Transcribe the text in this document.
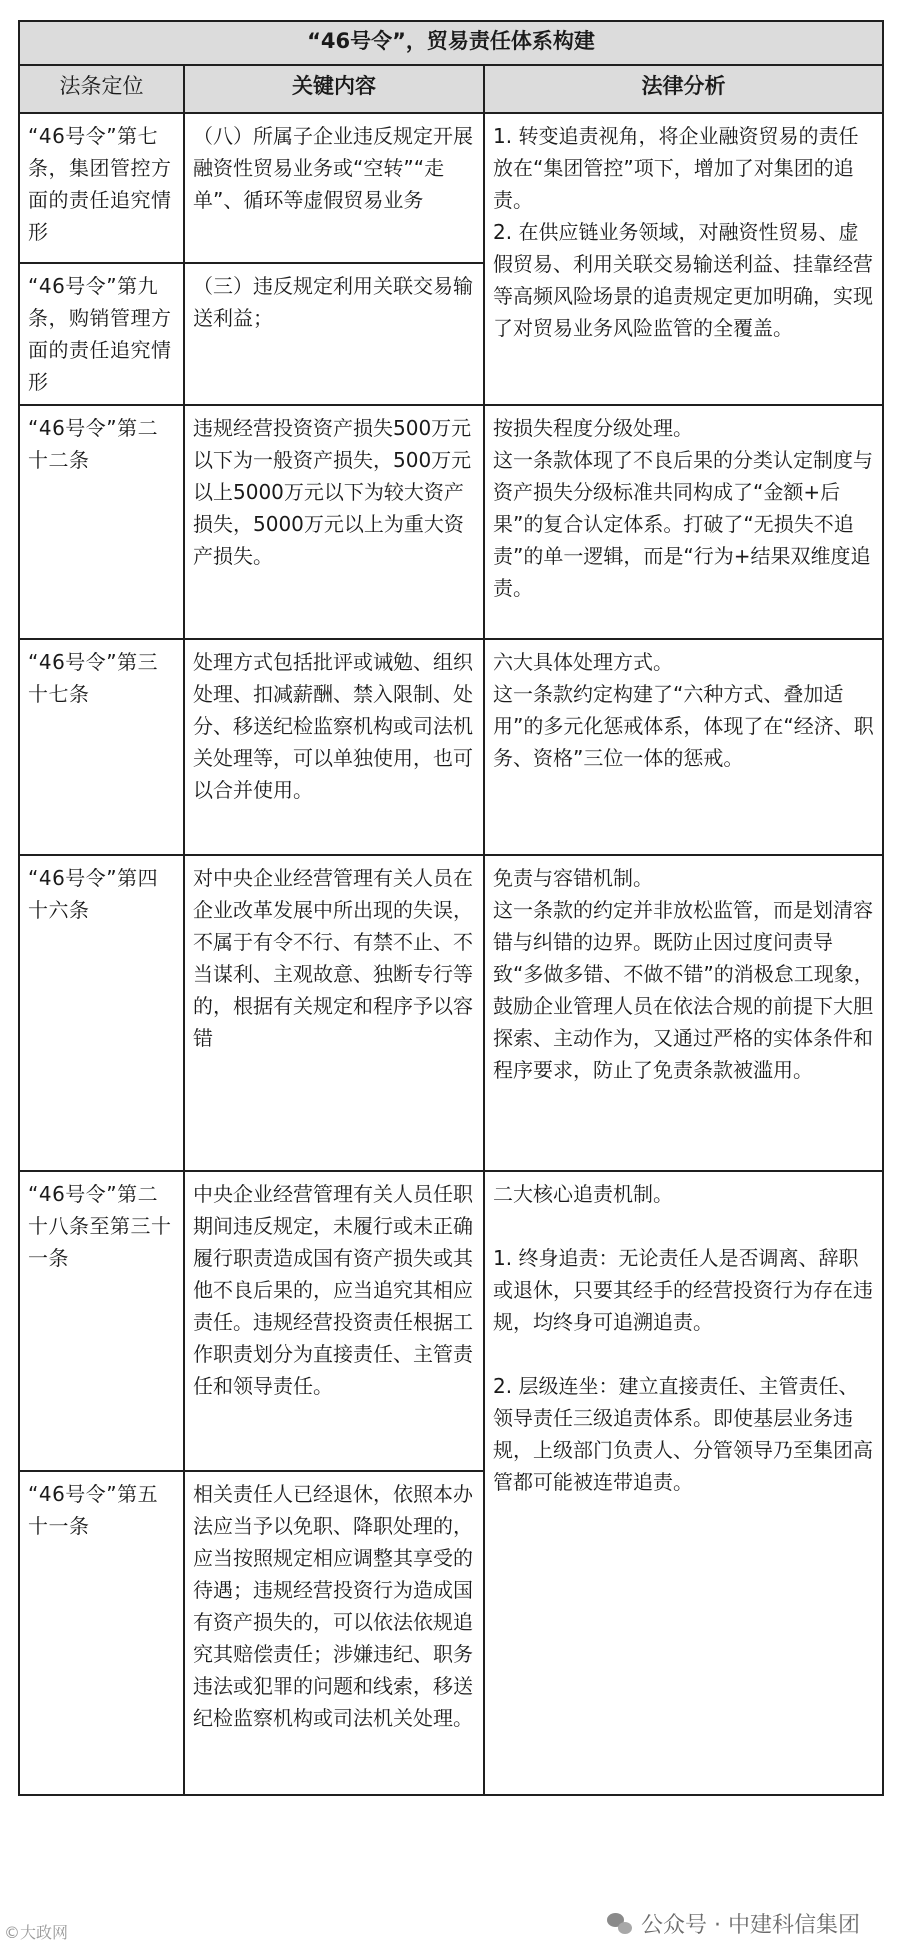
“46号令”，贸易责任体系构建		
法条定位	关键内容	法律分析
“46号令”第七条，集团管控方面的责任追究情形	（八）所属子企业违反规定开展融资性贸易业务或“空转”“走单”、循环等虚假贸易业务	1. 转变追责视角，将企业融资贸易的责任放在“集团管控”项下，增加了对集团的追责。

2. 在供应链业务领域，对融资性贸易、虚假贸易、利用关联交易输送利益、挂靠经营等高频风险场景的追责规定更加明确，实现了对贸易业务风险监管的全覆盖。

“46号令”第九条，购销管理方面的责任追究情形	（三）违反规定利用关联交易输送利益；	
“46号令”第二十二条	违规经营投资资产损失500万元以下为一般资产损失，500万元以上5000万元以下为较大资产损失，5000万元以上为重大资产损失。	按损失程度分级处理。

这一条款体现了不良后果的分类认定制度与资产损失分级标准共同构成了“金额+后果”的复合认定体系。打破了“无损失不追责”的单一逻辑，而是“行为+结果双维度追责。

“46号令”第三十七条	处理方式包括批评或诫勉、组织处理、扣减薪酬、禁入限制、处分、移送纪检监察机构或司法机关处理等，可以单独使用，也可以合并使用。	六大具体处理方式。

这一条款约定构建了“六种方式、叠加适用”的多元化惩戒体系，体现了在“经济、职务、资格”三位一体的惩戒。

“46号令”第四十六条	对中央企业经营管理有关人员在企业改革发展中所出现的失误，不属于有令不行、有禁不止、不当谋利、主观故意、独断专行等的，根据有关规定和程序予以容错	免责与容错机制。

这一条款的约定并非放松监管，而是划清容错与纠错的边界。既防止因过度问责导致“多做多错、不做不错”的消极怠工现象，鼓励企业管理人员在依法合规的前提下大胆探索、主动作为，又通过严格的实体条件和程序要求，防止了免责条款被滥用。

“46号令”第二十八条至第三十一条	中央企业经营管理有关人员任职期间违反规定，未履行或未正确履行职责造成国有资产损失或其他不良后果的，应当追究其相应责任。违规经营投资责任根据工作职责划分为直接责任、主管责任和领导责任。	二大核心追责机制。

1. 终身追责：无论责任人是否调离、辞职或退休，只要其经手的经营投资行为存在违规，均终身可追溯追责。

2. 层级连坐：建立直接责任、主管责任、领导责任三级追责体系。即使基层业务违规，上级部门负责人、分管领导乃至集团高管都可能被连带追责。

“46号令”第五十一条	相关责任人已经退休，依照本办法应当予以免职、降职处理的，应当按照规定相应调整其享受的待遇；违规经营投资行为造成国有资产损失的，可以依法依规追究其赔偿责任；涉嫌违纪、职务违法或犯罪的问题和线索，移送纪检监察机构或司法机关处理。	
©大政网	公众号 · 中建科信集团
